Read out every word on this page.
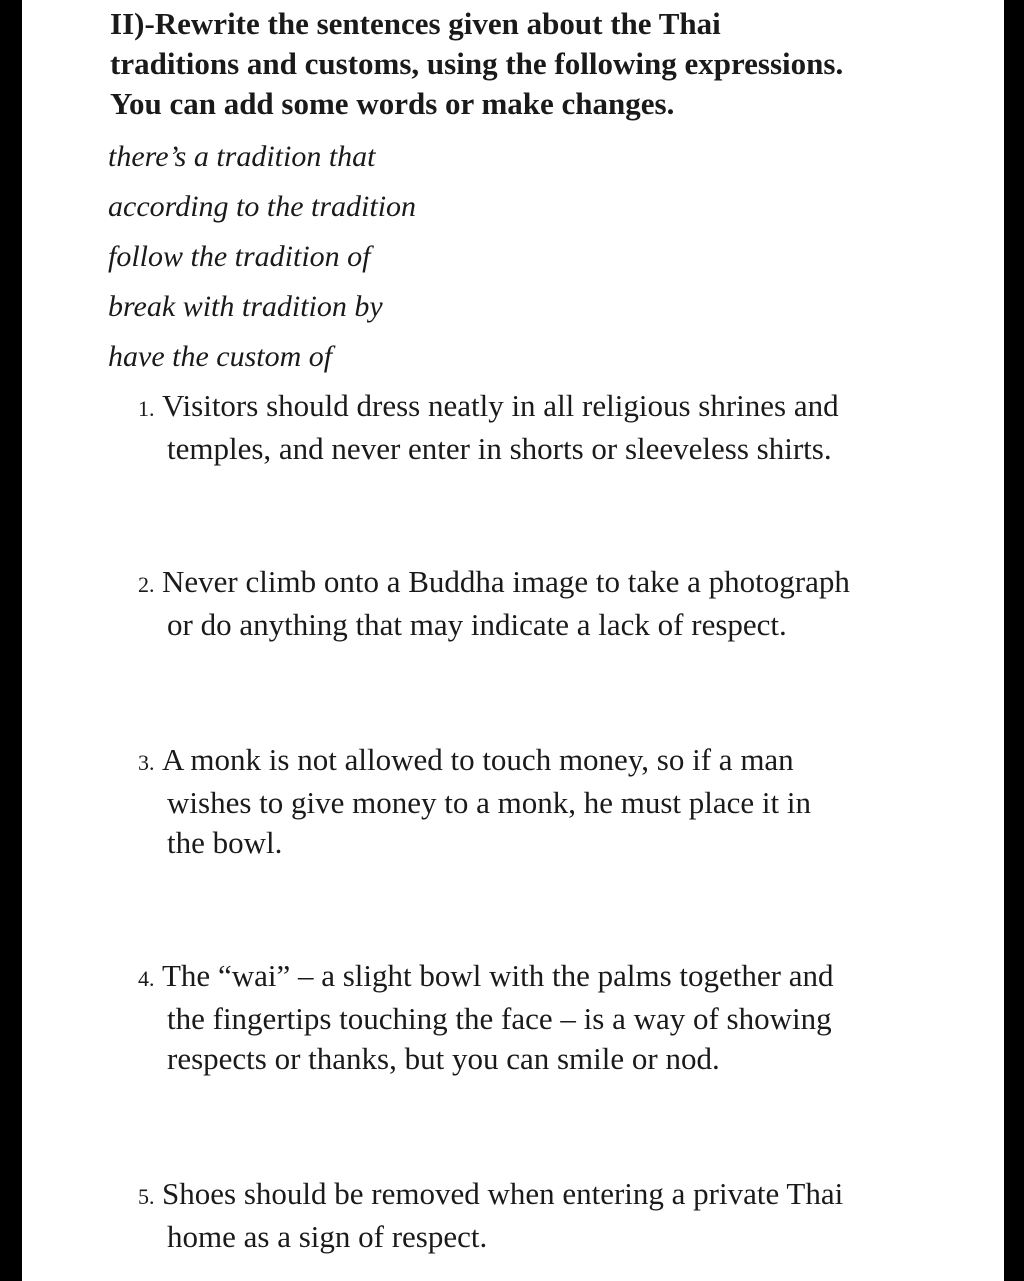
II)-Rewrite the sentences given about the Thai
traditions and customs, using the following expressions.
You can add some words or make changes.
there’s a tradition that
according to the tradition
follow the tradition of
break with tradition by
have the custom of
1. Visitors should dress neatly in all religious shrines and
temples, and never enter in shorts or sleeveless shirts.
2. Never climb onto a Buddha image to take a photograph
or do anything that may indicate a lack of respect.
3. A monk is not allowed to touch money, so if a man
wishes to give money to a monk, he must place it in
the bowl.
4. The “wai” – a slight bowl with the palms together and
the fingertips touching the face – is a way of showing
respects or thanks, but you can smile or nod.
5. Shoes should be removed when entering a private Thai
home as a sign of respect.
